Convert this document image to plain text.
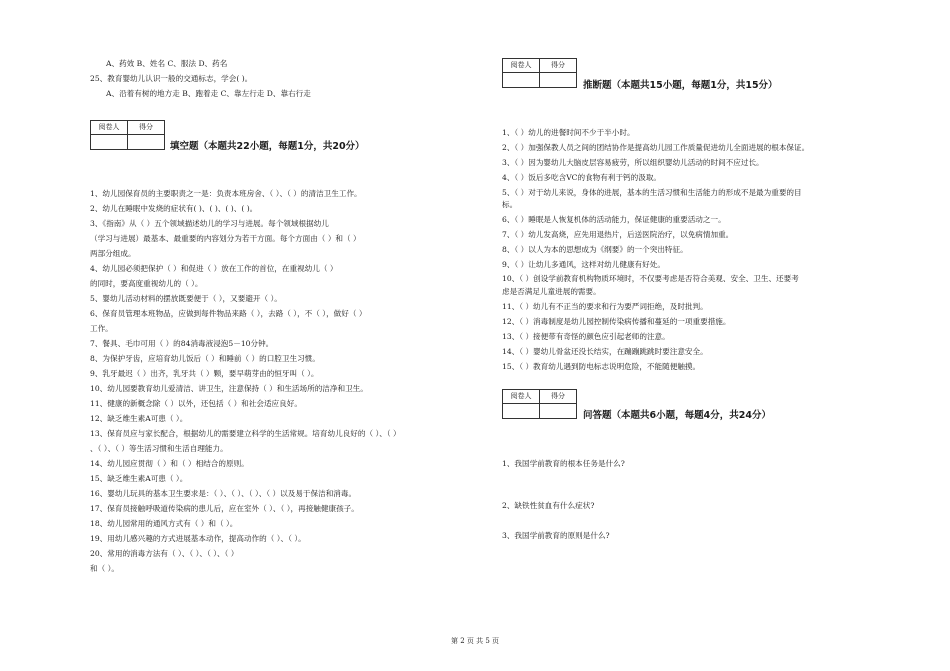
A、药效 B、姓名 C、服法 D、药名
25、教育婴幼儿认识一般的交通标志，学会( )。
A、沿着有树的地方走 B、跑着走 C、靠左行走 D、靠右行走
阅卷人	得分
填空题（本题共22小题，每题1分，共20分）
1、幼儿园保育员的主要职责之一是：负责本班房舍、（ ）、（ ）的清洁卫生工作。
2、幼儿在睡眠中发烧的症状有( )、( )、( )、( )。
3、《指南》从（ ）五个领域描述幼儿的学习与进展。每个领域根据幼儿
（学习与进展）最基本、最重要的内容划分为若干方面。每个方面由（ ）和（ ）
两部分组成。
4、幼儿园必须把保护（ ）和促进（ ）放在工作的首位，在重视幼儿（ ）
的同时，要高度重视幼儿的（ ）。
5、婴幼儿活动材料的摆放既要便于（ ），又要避开（ ）。
6、保育员管理本班物品，应做到每件物品来路（ ），去路（ ），不（ ），做好（ ）
工作。
7、餐具、毛巾可用（ ）的84消毒液浸泡5－10分钟。
8、为保护牙齿，应培育幼儿饭后（ ）和睡前（ ）的口腔卫生习惯。
9、乳牙最迟（ ）出齐，乳牙共（ ）颗，要早萌芽由的恒牙叫（ ）。
10、幼儿园要教育幼儿爱清洁、讲卫生，注意保持（ ）和生活场所的洁净和卫生。
11、健康的新概念除（ ）以外，还包括（ ）和社会适应良好。
12、缺乏维生素A可患（ ）。
13、保育员应与家长配合，根据幼儿的需要建立科学的生活常规。培育幼儿良好的（ ）、（ ）
、（ ）、（ ）等生活习惯和生活自理能力。
14、幼儿园应贯彻（ ）和（ ）相结合的原则。
15、缺乏维生素A可患（ ）。
16、婴幼儿玩具的基本卫生要求是：（ ）、（ ）、（ ）、（ ）以及易于保洁和消毒。
17、保育员接触呼吸道传染病的患儿后，应在室外（ ）、（ ），再接触健康孩子。
18、幼儿园常用的通风方式有（ ）和（ ）。
19、用幼儿感兴趣的方式进展基本动作，提高动作的（ ）、（ ）。
20、常用的消毒方法有（ ）、（ ）、（ ）、（ ）
和（ ）。
阅卷人	得分
推断题（本题共15小题，每题1分，共15分）
1、（ ）幼儿的进餐时间不少于半小时。
2、（ ）加强保教人员之间的团结协作是提高幼儿园工作质量促进幼儿全面进展的根本保证。
3、（ ）因为婴幼儿大脑皮层容易疲劳，所以组织婴幼儿活动的时间不应过长。
4、（ ）饭后多吃含VC的食物有利于钙的汲取。
5、（ ）对于幼儿来说，身体的进展，基本的生活习惯和生活能力的形成不是最为重要的目
标。
6、（ ）睡眠是人恢复机体的活动能力，保证健康的重要活动之一。
7、（ ）幼儿发高烧，应先用退热片，后送医院治疗，以免病情加重。
8、（ ）以人为本的思想成为《纲要》的一个突出特征。
9、（ ）让幼儿多通风，这样对幼儿健康有好处。
10、（ ）创设学前教育机构物质环境时，不仅要考虑是否符合美观、安全、卫生、还要考
虑是否满足儿童进展的需要。
11、（ ）幼儿有不正当的要求和行为要严词拒绝，及时批判。
12、（ ）消毒制度是幼儿园控制传染病传播和蔓延的一项重要措施。
13、（ ）接便带有奇怪的颜色应引起老师的注意。
14、（ ）婴幼儿骨盆还没长结实，在蹦蹦跳跳时要注意安全。
15、（ ）教育幼儿遇到防电标志说明危险，不能随便触摸。
阅卷人	得分
问答题（本题共6小题，每题4分，共24分）
1、我国学前教育的根本任务是什么?
2、缺铁性贫血有什么症状?
3、我国学前教育的原则是什么?
第 2 页 共 5 页
